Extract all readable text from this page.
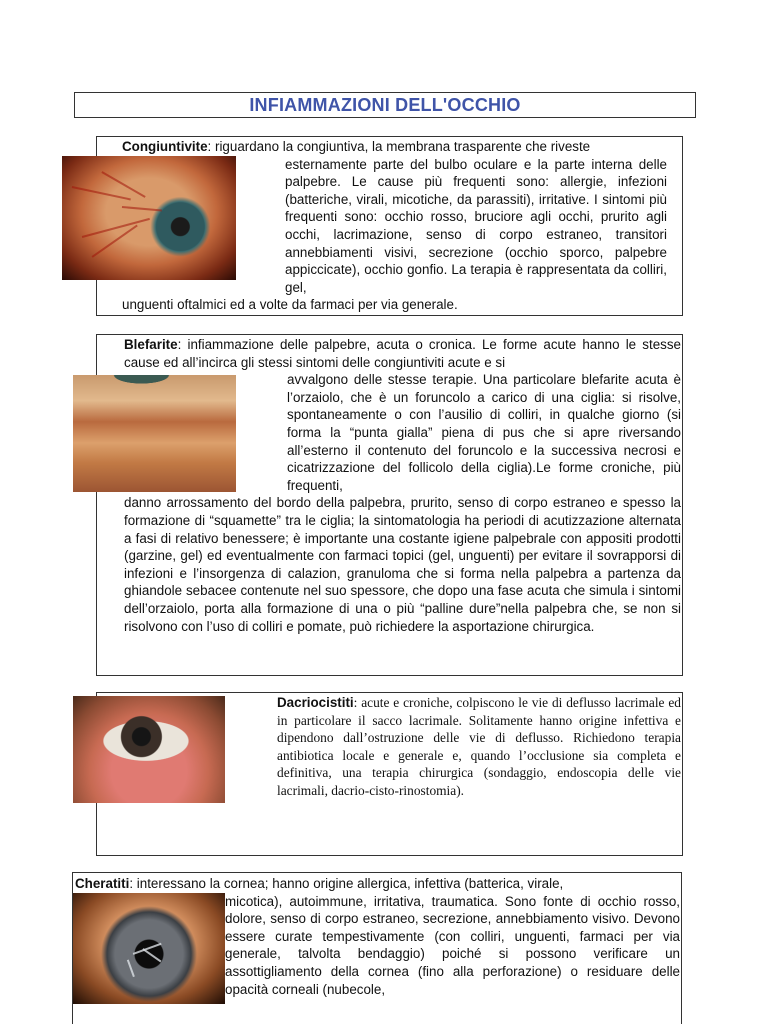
INFIAMMAZIONI DELL'OCCHIO

Congiuntivite: riguardano la congiuntiva, la membrana trasparente che riveste

esternamente parte del bulbo oculare e la parte interna delle palpebre. Le cause più frequenti sono: allergie, infezioni (batteriche, virali, micotiche, da parassiti), irritative. I sintomi più frequenti sono: occhio rosso, bruciore agli occhi, prurito agli occhi, lacrimazione, senso di corpo estraneo, transitori annebbiamenti visivi, secrezione (occhio sporco, palpebre appiccicate), occhio gonfio. La terapia è rappresentata da colliri, gel,

unguenti oftalmici ed a volte da farmaci per via generale.

Blefarite: infiammazione delle palpebre, acuta o cronica. Le forme acute hanno le stesse cause ed all’incirca gli stessi sintomi delle congiuntiviti acute e si

avvalgono delle stesse terapie. Una particolare blefarite acuta è l’orzaiolo, che è un foruncolo a carico di una ciglia: si risolve, spontaneamente o con l’ausilio di colliri, in qualche giorno (si forma la “punta gialla” piena di pus che si apre riversando all’esterno il contenuto del foruncolo e la successiva necrosi e cicatrizzazione del follicolo della ciglia).Le forme croniche, più frequenti,

danno arrossamento del bordo della palpebra, prurito, senso di corpo estraneo e spesso la formazione di “squamette” tra le ciglia; la sintomatologia ha periodi di acutizzazione alternata a fasi di relativo benessere; è importante una costante igiene palpebrale con appositi prodotti (garzine, gel) ed eventualmente con farmaci topici (gel, unguenti) per evitare il sovrapporsi di infezioni e l’insorgenza di calazion, granuloma che si forma nella palpebra a partenza da ghiandole sebacee contenute nel suo spessore, che dopo una fase acuta che simula i sintomi dell’orzaiolo, porta alla formazione di una o più “palline dure”nella palpebra che, se non si risolvono con l’uso di colliri e pomate, può richiedere la asportazione chirurgica.

Dacriocistiti: acute e croniche, colpiscono le vie di deflusso lacrimale ed in particolare il sacco lacrimale. Solitamente hanno origine infettiva e dipendono dall’ostruzione delle vie di deflusso. Richiedono terapia antibiotica locale e generale e, quando l’occlusione sia completa e definitiva, una terapia chirurgica (sondaggio, endoscopia delle vie lacrimali, dacrio-cisto-rinostomia).

Cheratiti: interessano la cornea; hanno origine allergica, infettiva (batterica, virale,

micotica), autoimmune, irritativa, traumatica. Sono fonte di occhio rosso, dolore, senso di corpo estraneo, secrezione, annebbiamento visivo. Devono essere curate tempestivamente (con colliri, unguenti, farmaci per via generale, talvolta bendaggio) poiché si possono verificare un assottigliamento della cornea (fino alla perforazione) o residuare delle opacità corneali (nubecole,
